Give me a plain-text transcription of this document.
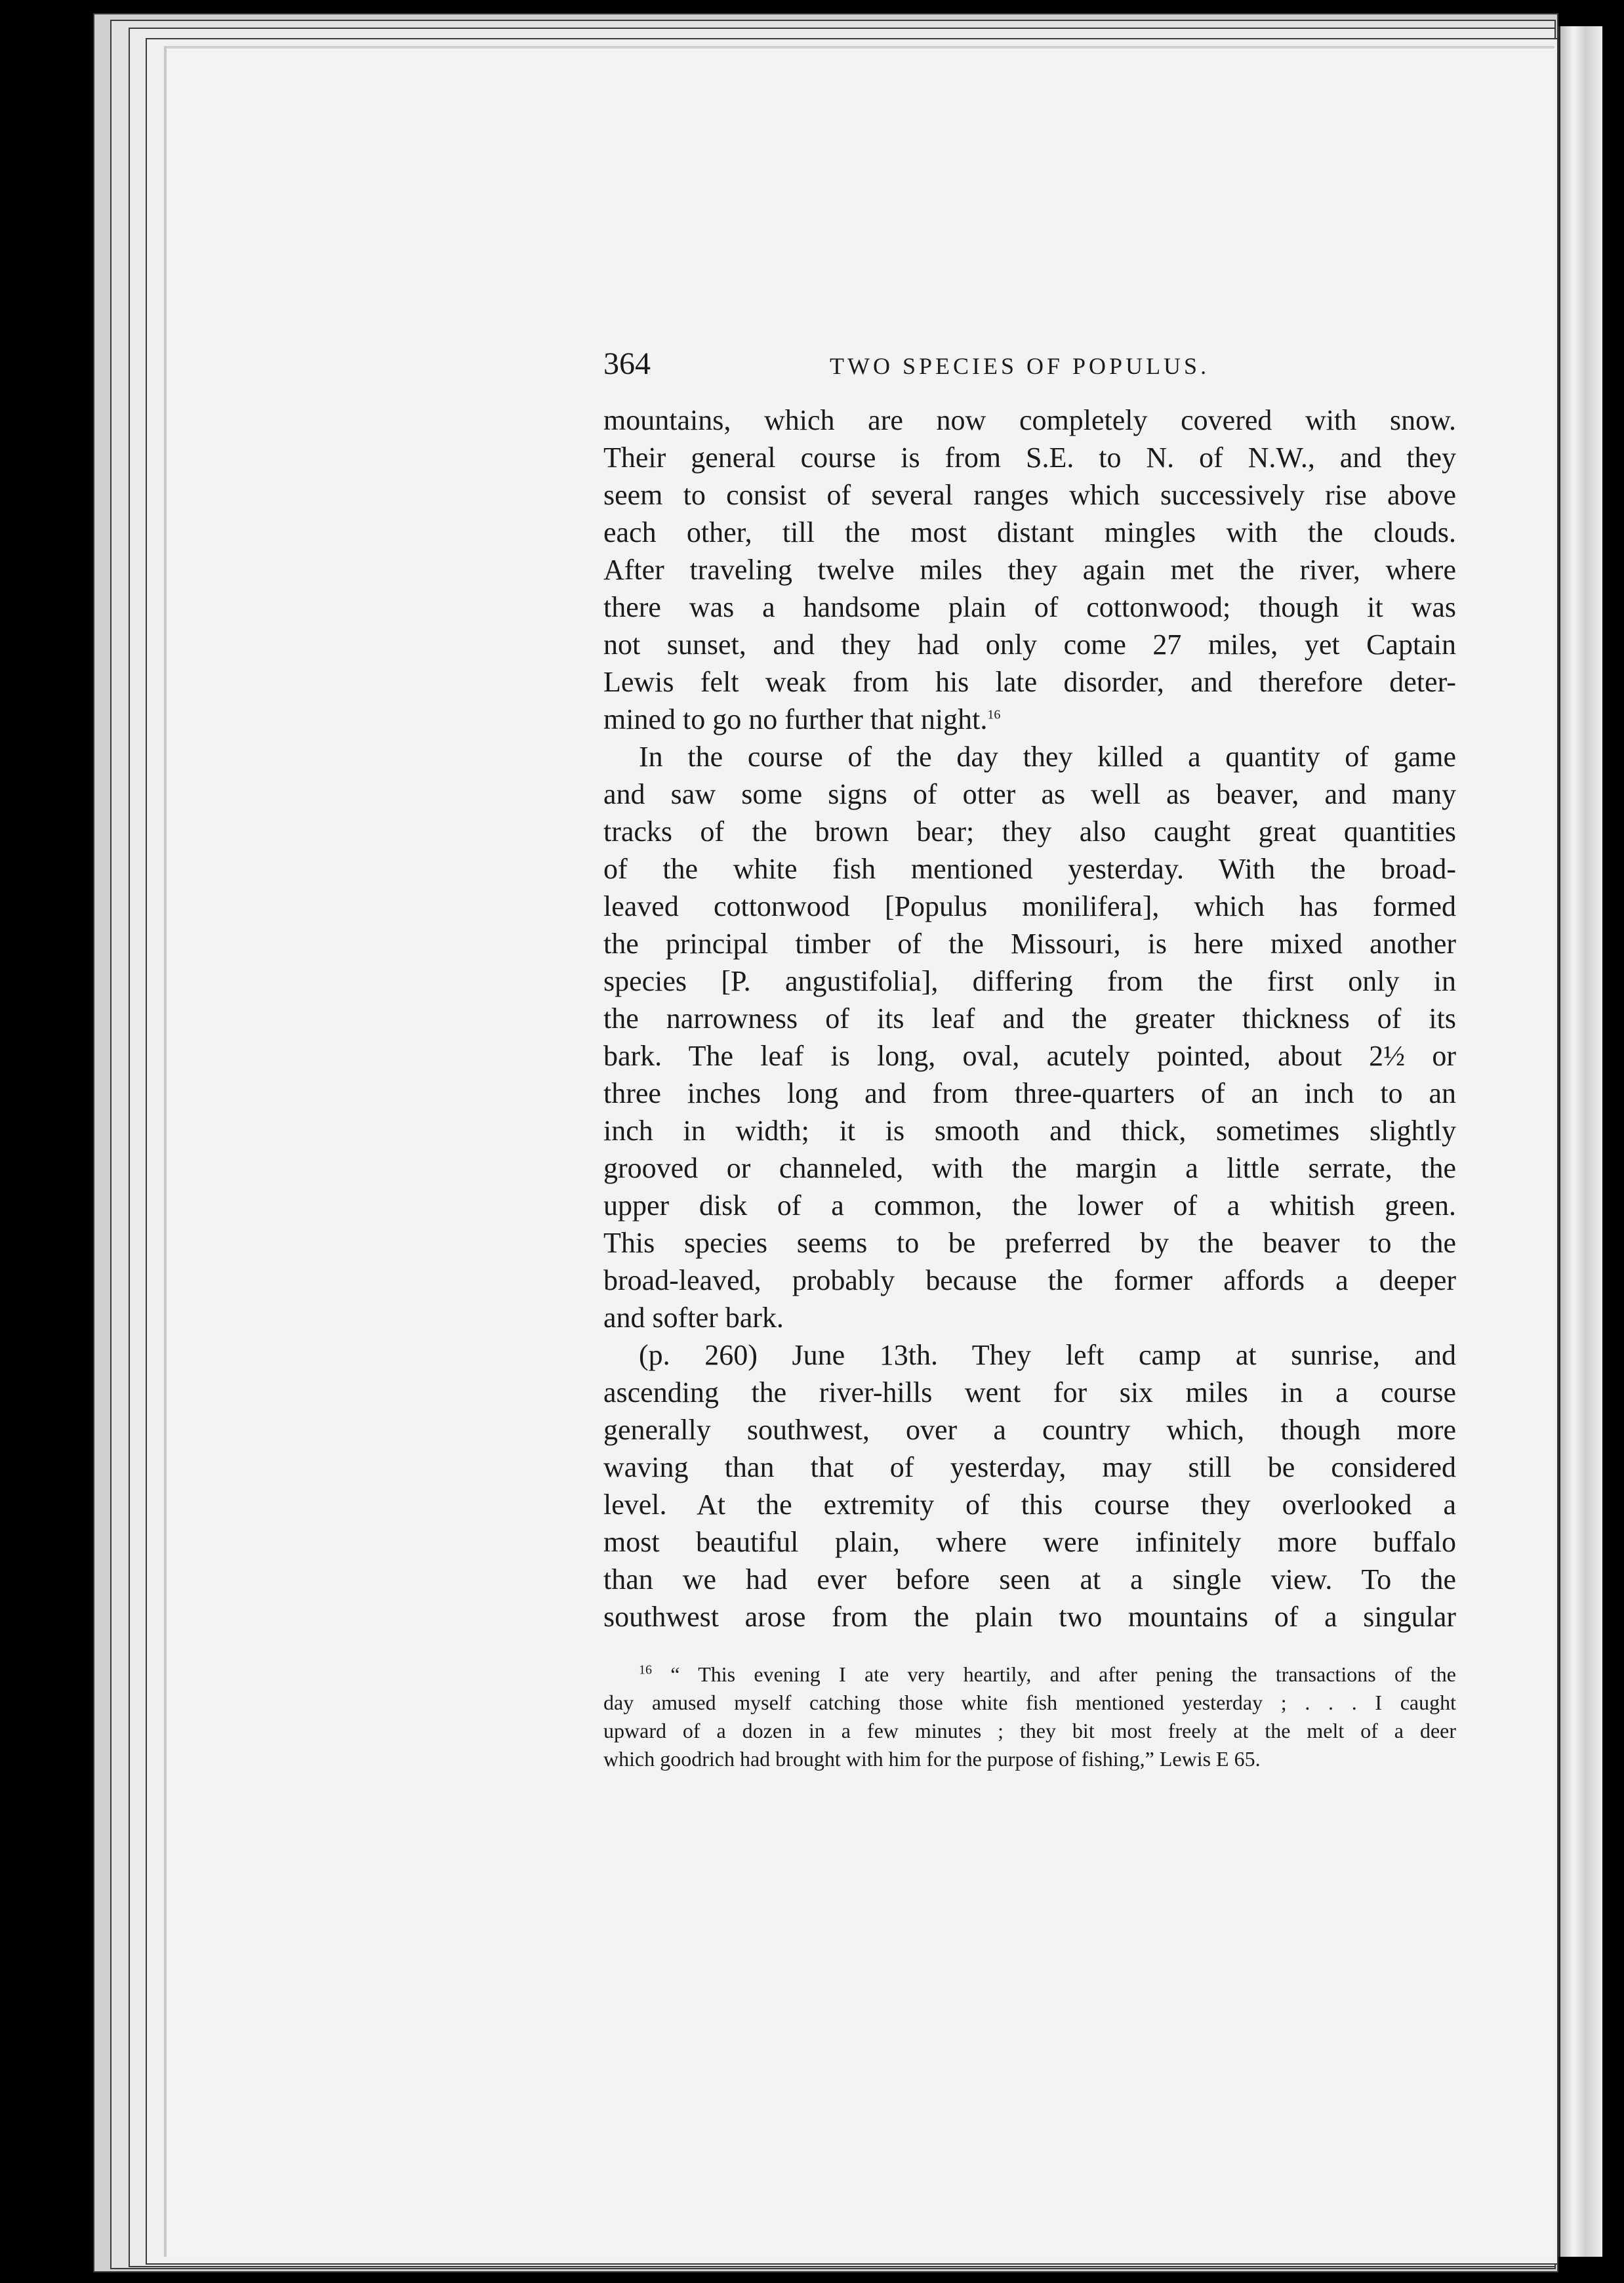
364	TWO SPECIES OF POPULUS.
mountains, which are now completely covered with snow.
Their general course is from S.E. to N. of N.W., and they
seem to consist of several ranges which successively rise above
each other, till the most distant mingles with the clouds.
After traveling twelve miles they again met the river, where
there was a handsome plain of cottonwood; though it was
not sunset, and they had only come 27 miles, yet Captain
Lewis felt weak from his late disorder, and therefore deter-
mined to go no further that night.$^{16}$
In the course of the day they killed a quantity of game
and saw some signs of otter as well as beaver, and many
tracks of the brown bear; they also caught great quantities
of the white fish mentioned yesterday. With the broad-
leaved cottonwood [Populus monilifera], which has formed
the principal timber of the Missouri, is here mixed another
species [P. angustifolia], differing from the first only in
the narrowness of its leaf and the greater thickness of its
bark. The leaf is long, oval, acutely pointed, about 2½ or
three inches long and from three-quarters of an inch to an
inch in width; it is smooth and thick, sometimes slightly
grooved or channeled, with the margin a little serrate, the
upper disk of a common, the lower of a whitish green.
This species seems to be preferred by the beaver to the
broad-leaved, probably because the former affords a deeper
and softer bark.
(p. 260) June 13th. They left camp at sunrise, and
ascending the river-hills went for six miles in a course
generally southwest, over a country which, though more
waving than that of yesterday, may still be considered
level. At the extremity of this course they overlooked a
most beautiful plain, where were infinitely more buffalo
than we had ever before seen at a single view. To the
southwest arose from the plain two mountains of a singular
$^{16}$ “ This evening I ate very heartily, and after pening the transactions of the
day amused myself catching those white fish mentioned yesterday ; . . . I caught
upward of a dozen in a few minutes ; they bit most freely at the melt of a deer
which goodrich had brought with him for the purpose of fishing,” Lewis E 65.
